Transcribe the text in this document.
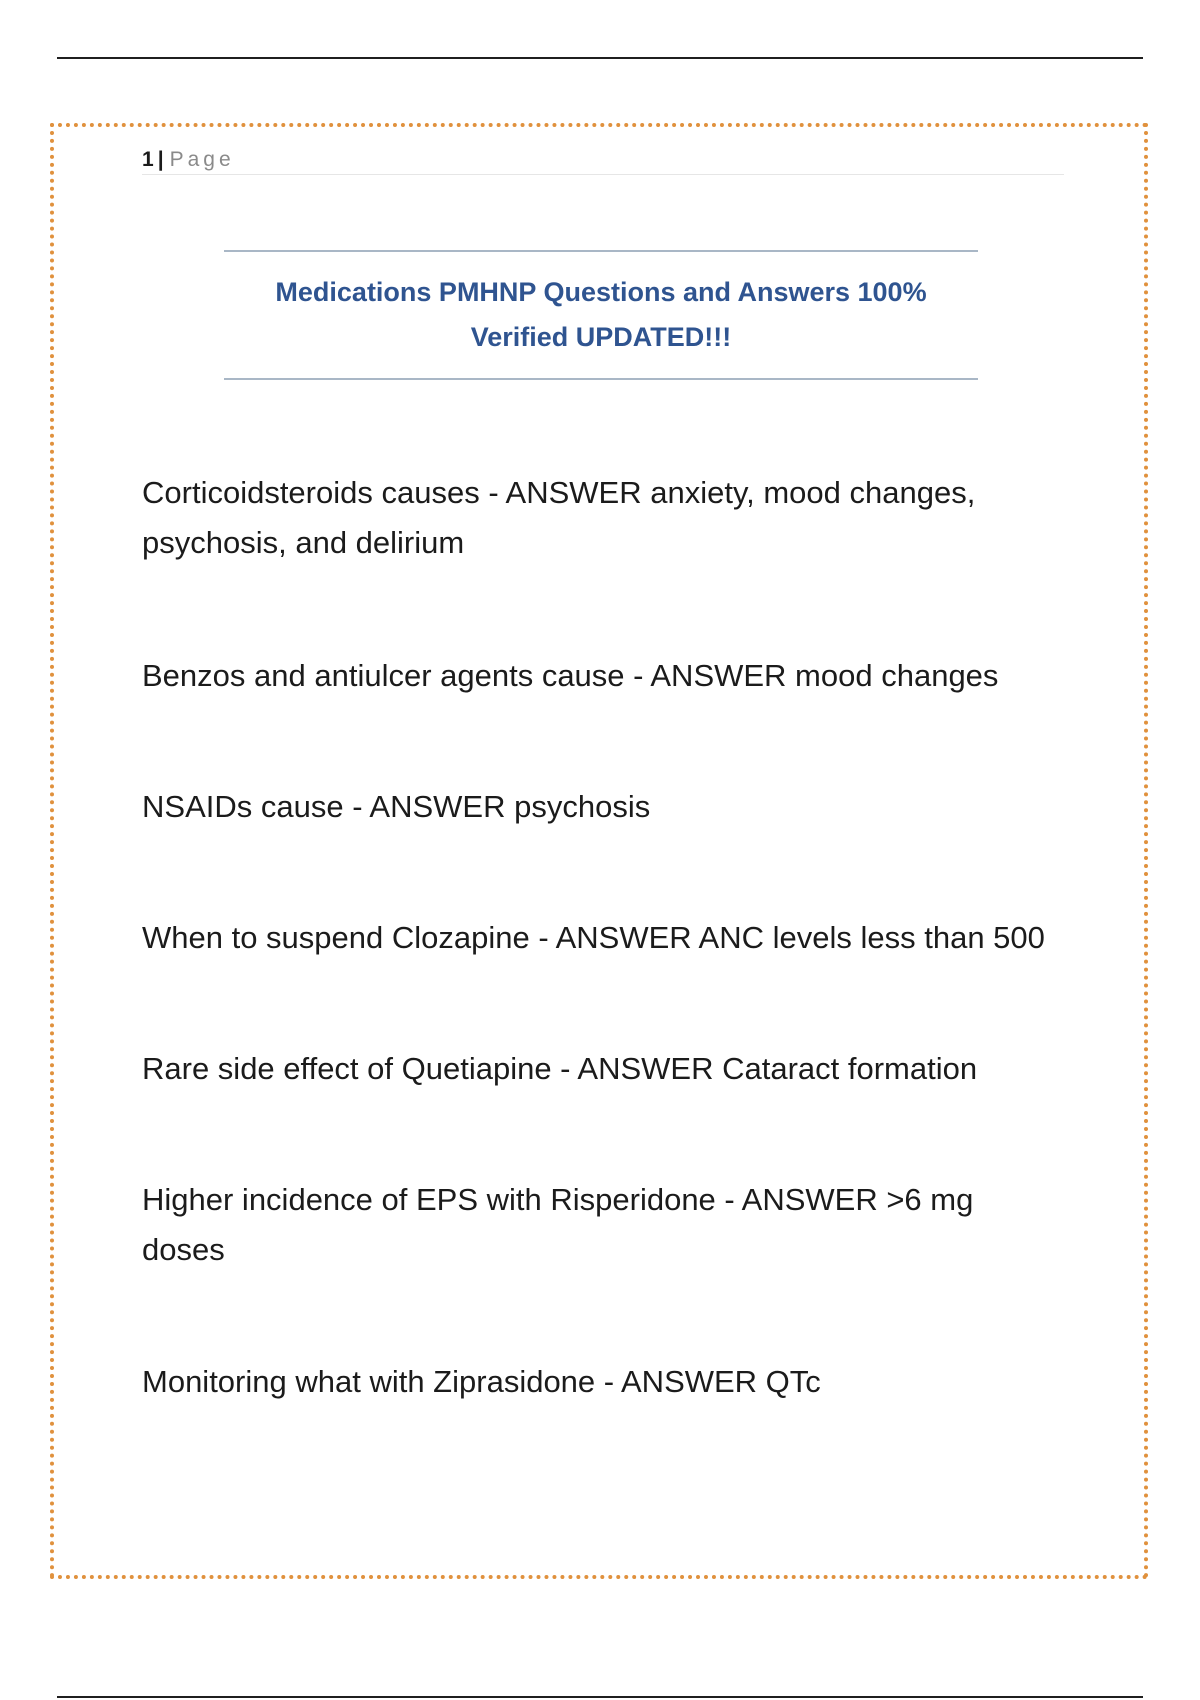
1 | Page
Medications PMHNP Questions and Answers 100% Verified UPDATED!!!

Corticoidsteroids causes - ANSWER anxiety, mood changes, psychosis, and delirium

Benzos and antiulcer agents cause - ANSWER mood changes

NSAIDs cause - ANSWER psychosis

When to suspend Clozapine - ANSWER ANC levels less than 500

Rare side effect of Quetiapine - ANSWER Cataract formation

Higher incidence of EPS with Risperidone - ANSWER >6 mg doses

Monitoring what with Ziprasidone - ANSWER QTc
